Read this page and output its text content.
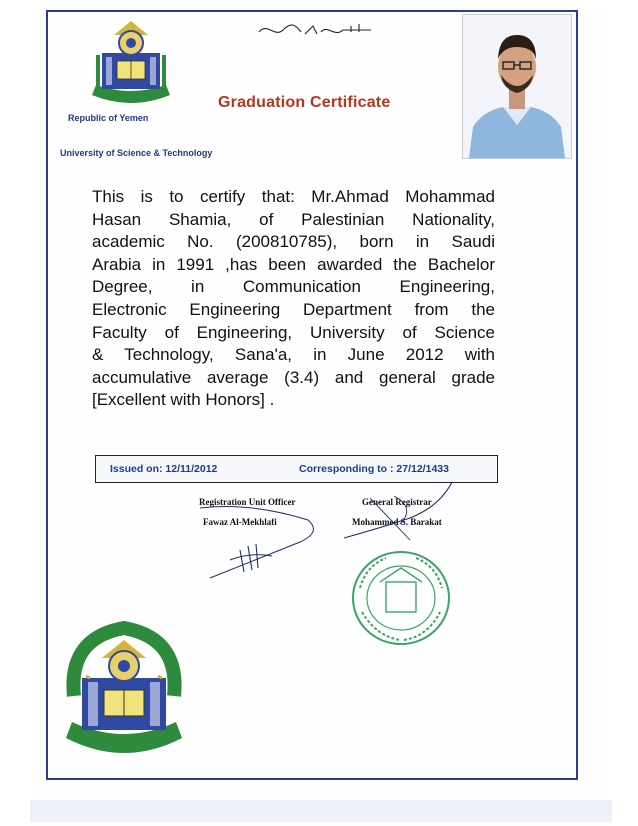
Graduation Certificate
Republic of Yemen
University of Science & Technology
This is to certify that: Mr.Ahmad Mohammad
Hasan Shamia, of Palestinian Nationality,
academic No. (200810785), born in Saudi
Arabia in 1991 ,has been awarded the Bachelor
Degree, in Communication Engineering,
Electronic Engineering Department from the
Faculty of Engineering, University of Science
& Technology, Sana'a, in June 2012 with
accumulative average (3.4) and general grade
[Excellent with Honors] .
Issued on: 12/11/2012	Corresponding to : 27/12/1433
Registration Unit Officer
Fawaz Al-Mekhlafi
General Registrar
Mohammed S. Barakat
